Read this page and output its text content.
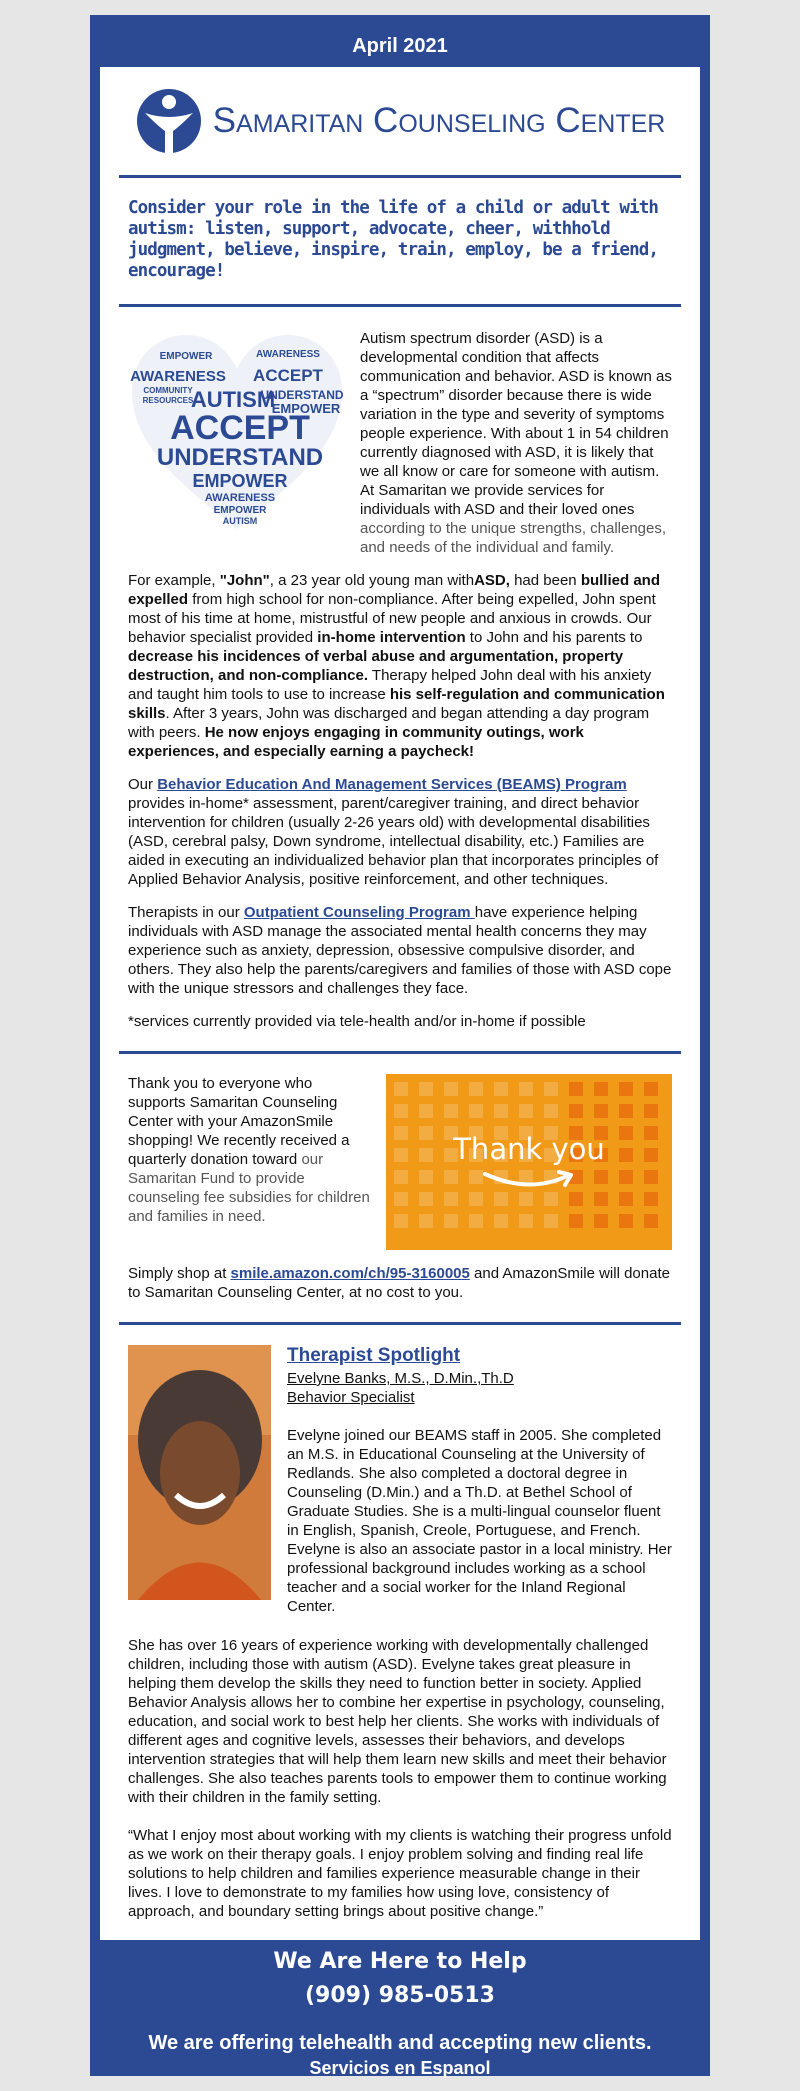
April 2021
Samaritan Counseling Center
Consider your role in the life of a child or adult with autism: listen, support, advocate, cheer, withhold judgment, believe, inspire, train, employ, be a friend, encourage!
EMPOWER	AWARENESS
AWARENESS ACCEPT
COMMUNITY
RESOURCES
AUTISM
UNDERSTAND
EMPOWER
ACCEPT
UNDERSTAND
EMPOWER
AWARENESS
EMPOWER
AUTISM

Autism spectrum disorder (ASD) is a developmental condition that affects communication and behavior. ASD is known as a “spectrum” disorder because there is wide variation in the type and severity of symptoms people experience. With about 1 in 54 children currently diagnosed with ASD, it is likely that we all know or care for someone with autism. At Samaritan we provide services for individuals with ASD and their loved ones according to the unique strengths, challenges, and needs of the individual and family.

For example, "John", a 23 year old young man withASD, had been bullied and expelled from high school for non-compliance. After being expelled, John spent most of his time at home, mistrustful of new people and anxious in crowds. Our behavior specialist provided in-home intervention to John and his parents to decrease his incidences of verbal abuse and argumentation, property destruction, and non-compliance. Therapy helped John deal with his anxiety and taught him tools to use to increase his self-regulation and communication skills. After 3 years, John was discharged and began attending a day program with peers. He now enjoys engaging in community outings, work experiences, and especially earning a paycheck!

Our Behavior Education And Management Services (BEAMS) Program provides in-home* assessment, parent/caregiver training, and direct behavior intervention for children (usually 2-26 years old) with developmental disabilities (ASD, cerebral palsy, Down syndrome, intellectual disability, etc.) Families are aided in executing an individualized behavior plan that incorporates principles of Applied Behavior Analysis, positive reinforcement, and other techniques.

Therapists in our Outpatient Counseling Program have experience helping individuals with ASD manage the associated mental health concerns they may experience such as anxiety, depression, obsessive compulsive disorder, and others. They also help the parents/caregivers and families of those with ASD cope with the unique stressors and challenges they face.

*services currently provided via tele-health and/or in-home if possible

Thank you to everyone who supports Samaritan Counseling Center with your AmazonSmile shopping! We recently received a quarterly donation toward our Samaritan Fund to provide counseling fee subsidies for children and families in need.

Thank you

Simply shop at smile.amazon.com/ch/95-3160005 and AmazonSmile will donate to Samaritan Counseling Center, at no cost to you.

Therapist Spotlight
Evelyne Banks, M.S., D.Min.,Th.D
Behavior Specialist

Evelyne joined our BEAMS staff in 2005. She completed an M.S. in Educational Counseling at the University of Redlands. She also completed a doctoral degree in Counseling (D.Min.) and a Th.D. at Bethel School of Graduate Studies. She is a multi-lingual counselor fluent in English, Spanish, Creole, Portuguese, and French. Evelyne is also an associate pastor in a local ministry. Her professional background includes working as a school teacher and a social worker for the Inland Regional Center.

She has over 16 years of experience working with developmentally challenged children, including those with autism (ASD). Evelyne takes great pleasure in helping them develop the skills they need to function better in society. Applied Behavior Analysis allows her to combine her expertise in psychology, counseling, education, and social work to best help her clients. She works with individuals of different ages and cognitive levels, assesses their behaviors, and develops intervention strategies that will help them learn new skills and meet their behavior challenges. She also teaches parents tools to empower them to continue working with their children in the family setting.

“What I enjoy most about working with my clients is watching their progress unfold as we work on their therapy goals. I enjoy problem solving and finding real life solutions to help children and families experience measurable change in their lives. I love to demonstrate to my families how using love, consistency of approach, and boundary setting brings about positive change.”

We Are Here to Help
(909) 985-0513
We are offering telehealth and accepting new clients.
Servicios en Espanol
